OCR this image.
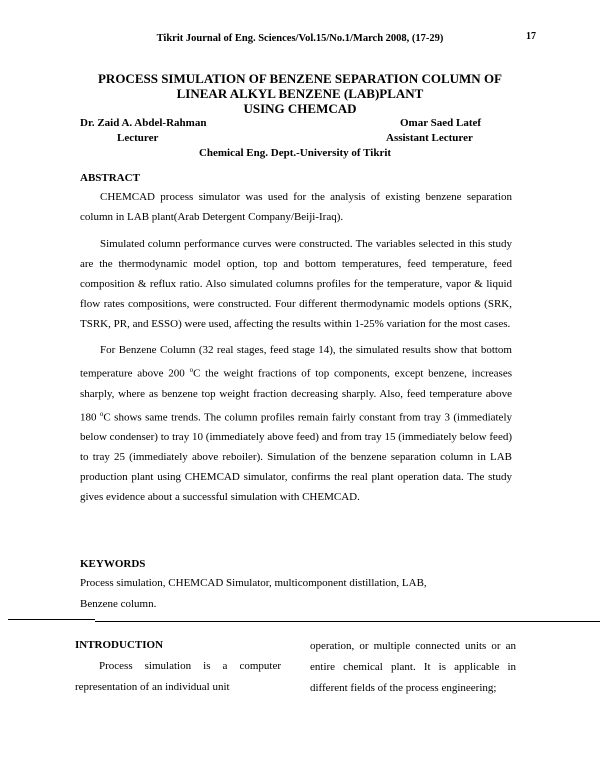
Tikrit Journal of Eng. Sciences/Vol.15/No.1/March 2008, (17-29)	17
PROCESS SIMULATION OF BENZENE SEPARATION COLUMN OF
LINEAR ALKYL BENZENE (LAB)PLANT
USING CHEMCAD
Dr. Zaid A. Abdel-Rahman
Lecturer
Omar Saed Latef
Assistant Lecturer
Chemical Eng. Dept.-University of Tikrit
ABSTRACT

CHEMCAD process simulator was used for the analysis of existing benzene separation column in LAB plant(Arab Detergent Company/Beiji-Iraq).

Simulated column performance curves were constructed. The variables selected in this study are the thermodynamic model option, top and bottom temperatures, feed temperature, feed composition & reflux ratio. Also simulated columns profiles for the temperature, vapor & liquid flow rates compositions, were constructed. Four different thermodynamic models options (SRK, TSRK, PR, and ESSO) were used, affecting the results within 1-25% variation for the most cases.

For Benzene Column (32 real stages, feed stage 14), the simulated results show that bottom temperature above 200 $^o$C the weight fractions of top components, except benzene, increases sharply, where as benzene top weight fraction decreasing sharply. Also, feed temperature above 180 $^o$C shows same trends. The column profiles remain fairly constant from tray 3 (immediately below condenser) to tray 10 (immediately above feed) and from tray 15 (immediately below feed) to tray 25 (immediately above reboiler). Simulation of the benzene separation column in LAB production plant using CHEMCAD simulator, confirms the real plant operation data. The study gives evidence about a successful simulation with CHEMCAD.

KEYWORDS
Process simulation, CHEMCAD Simulator, multicomponent distillation, LAB,
Benzene column.
INTRODUCTION

Process simulation is a computer representation of an individual unit

operation, or multiple connected units or an entire chemical plant. It is applicable in different fields of the process engineering;
